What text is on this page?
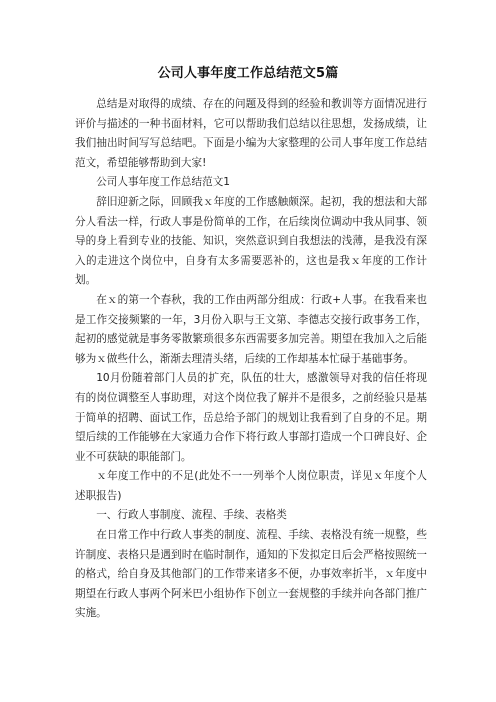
公司人事年度工作总结范文5篇

总结是对取得的成绩、存在的问题及得到的经验和教训等方面情况进行评价与描述的一种书面材料，它可以帮助我们总结以往思想，发扬成绩，让我们抽出时间写写总结吧。下面是小编为大家整理的公司人事年度工作总结范文，希望能够帮助到大家!

公司人事年度工作总结范文1

辞旧迎新之际，回顾我ｘ年度的工作感触颇深。起初，我的想法和大部分人看法一样，行政人事是份简单的工作，在后续岗位调动中我从同事、领导的身上看到专业的技能、知识，突然意识到自我想法的浅薄，是我没有深入的走进这个岗位中，自身有太多需要恶补的，这也是我ｘ年度的工作计划。

在ｘ的第一个春秋，我的工作由两部分组成：行政+人事。在我看来也是工作交接频繁的一年，3月份入职与王文第、李德志交接行政事务工作，起初的感觉就是事务零散繁琐很多东西需要多加完善。期望在我加入之后能够为ｘ做些什么，渐渐去理清头绪，后续的工作却基本忙碌于基础事务。

10月份随着部门人员的扩充，队伍的壮大，感激领导对我的信任将现有的岗位调整至人事助理，对这个岗位我了解并不是很多，之前经验只是基于简单的招聘、面试工作，岳总给予部门的规划让我看到了自身的不足。期望后续的工作能够在大家通力合作下将行政人事部打造成一个口碑良好、企业不可获缺的职能部门。

ｘ年度工作中的不足(此处不一一列举个人岗位职责，详见ｘ年度个人述职报告)

一、行政人事制度、流程、手续、表格类

在日常工作中行政人事类的制度、流程、手续、表格没有统一规整，些许制度、表格只是遇到时在临时制作，通知的下发拟定日后会严格按照统一的格式，给自身及其他部门的工作带来诸多不便，办事效率折半，ｘ年度中期望在行政人事两个阿米巴小组协作下创立一套规整的手续并向各部门推广实施。
